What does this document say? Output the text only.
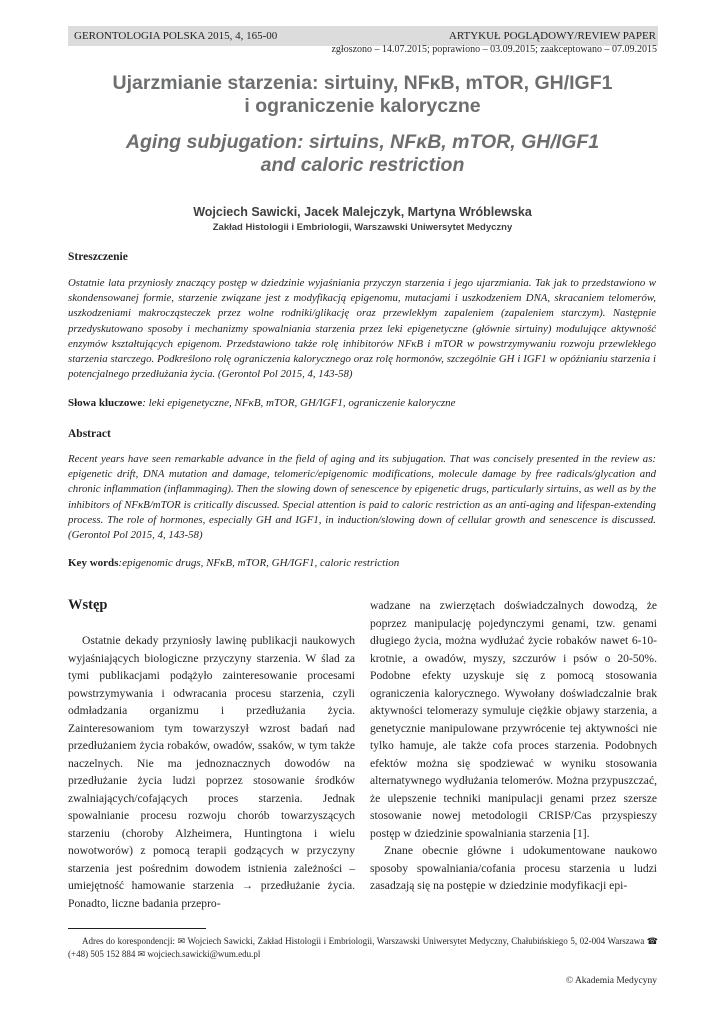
GERONTOLOGIA POLSKA 2015, 4, 165-00	ARTYKUŁ POGLĄDOWY/REVIEW PAPER
zgłoszono – 14.07.2015; poprawiono – 03.09.2015; zaakceptowano – 07.09.2015
Ujarzmianie starzenia: sirtuiny, NFκB, mTOR, GH/IGF1
i ograniczenie kaloryczne
Aging subjugation: sirtuins, NFκB, mTOR, GH/IGF1
and caloric restriction
Wojciech Sawicki, Jacek Malejczyk, Martyna Wróblewska
Zakład Histologii i Embriologii, Warszawski Uniwersytet Medyczny
Streszczenie
Ostatnie lata przyniosły znaczący postęp w dziedzinie wyjaśniania przyczyn starzenia i jego ujarzmiania. Tak jak to przedstawiono w skondensowanej formie, starzenie związane jest z modyfikacją epigenomu, mutacjami i uszkodzeniem DNA, skracaniem telomerów, uszkodzeniami makrocząsteczek przez wolne rodniki/glikację oraz przewlekłym zapaleniem (zapaleniem starczym). Następnie przedyskutowano sposoby i mechanizmy spowalniania starzenia przez leki epigenetyczne (głównie sirtuiny) modulujące aktywność enzymów kształtujących epigenom. Przedstawiono także rolę inhibitorów NFκB i mTOR w powstrzymywaniu rozwoju przewlekłego starzenia starczego. Podkreślono rolę ograniczenia kalorycznego oraz rolę hormonów, szczególnie GH i IGF1 w opóźnianiu starzenia i potencjalnego przedłużania życia. (Gerontol Pol 2015, 4, 143-58)
Słowa kluczowe: leki epigenetyczne, NFκB, mTOR, GH/IGF1, ograniczenie kaloryczne
Abstract
Recent years have seen remarkable advance in the field of aging and its subjugation. That was concisely presented in the review as: epigenetic drift, DNA mutation and damage, telomeric/epigenomic modifications, molecule damage by free radicals/glycation and chronic inflammation (inflammaging). Then the slowing down of senescence by epigenetic drugs, particularly sirtuins, as well as by the inhibitors of NFκB/mTOR is critically discussed. Special attention is paid to caloric restriction as an anti-aging and lifespan-extending process. The role of hormones, especially GH and IGF1, in induction/slowing down of cellular growth and senescence is discussed. (Gerontol Pol 2015, 4, 143-58)
Key words:epigenomic drugs, NFκB, mTOR, GH/IGF1, caloric restriction
Wstęp

Ostatnie dekady przyniosły lawinę publikacji naukowych wyjaśniających biologiczne przyczyny starzenia. W ślad za tymi publikacjami podążyło zainteresowanie procesami powstrzymywania i odwracania procesu starzenia, czyli odmładzania organizmu i przedłużania życia. Zainteresowaniom tym towarzyszył wzrost badań nad przedłużaniem życia robaków, owadów, ssaków, w tym także naczelnych. Nie ma jednoznacznych dowodów na przedłużanie życia ludzi poprzez stosowanie środków zwalniających/cofających proces starzenia. Jednak spowalnianie procesu rozwoju chorób towarzyszących starzeniu (choroby Alzheimera, Huntingtona i wielu nowotworów) z pomocą terapii godzących w przyczyny starzenia jest pośrednim dowodem istnienia zależności – umiejętność hamowanie starzenia → przedłużanie życia. Ponadto, liczne badania przepro-

wadzane na zwierzętach doświadczalnych dowodzą, że poprzez manipulację pojedynczymi genami, tzw. genami długiego życia, można wydłużać życie robaków nawet 6-10-krotnie, a owadów, myszy, szczurów i psów o 20-50%. Podobne efekty uzyskuje się z pomocą stosowania ograniczenia kalorycznego. Wywołany doświadczalnie brak aktywności telomerazy symuluje ciężkie objawy starzenia, a genetycznie manipulowane przywrócenie tej aktywności nie tylko hamuje, ale także cofa proces starzenia. Podobnych efektów można się spodziewać w wyniku stosowania alternatywnego wydłużania telomerów. Można przypuszczać, że ulepszenie techniki manipulacji genami przez szersze stosowanie nowej metodologii CRISP/Cas przyspieszy postęp w dziedzinie spowalniania starzenia [1].

Znane obecnie główne i udokumentowane naukowo sposoby spowalniania/cofania procesu starzenia u ludzi zasadzają się na postępie w dziedzinie modyfikacji epi-

Adres do korespondencji: ✉ Wojciech Sawicki, Zakład Histologii i Embriologii, Warszawski Uniwersytet Medyczny, Chałubińskiego 5, 02-004 Warszawa ☎ (+48) 505 152 884 ✉ wojciech.sawicki@wum.edu.pl
© Akademia Medycyny
